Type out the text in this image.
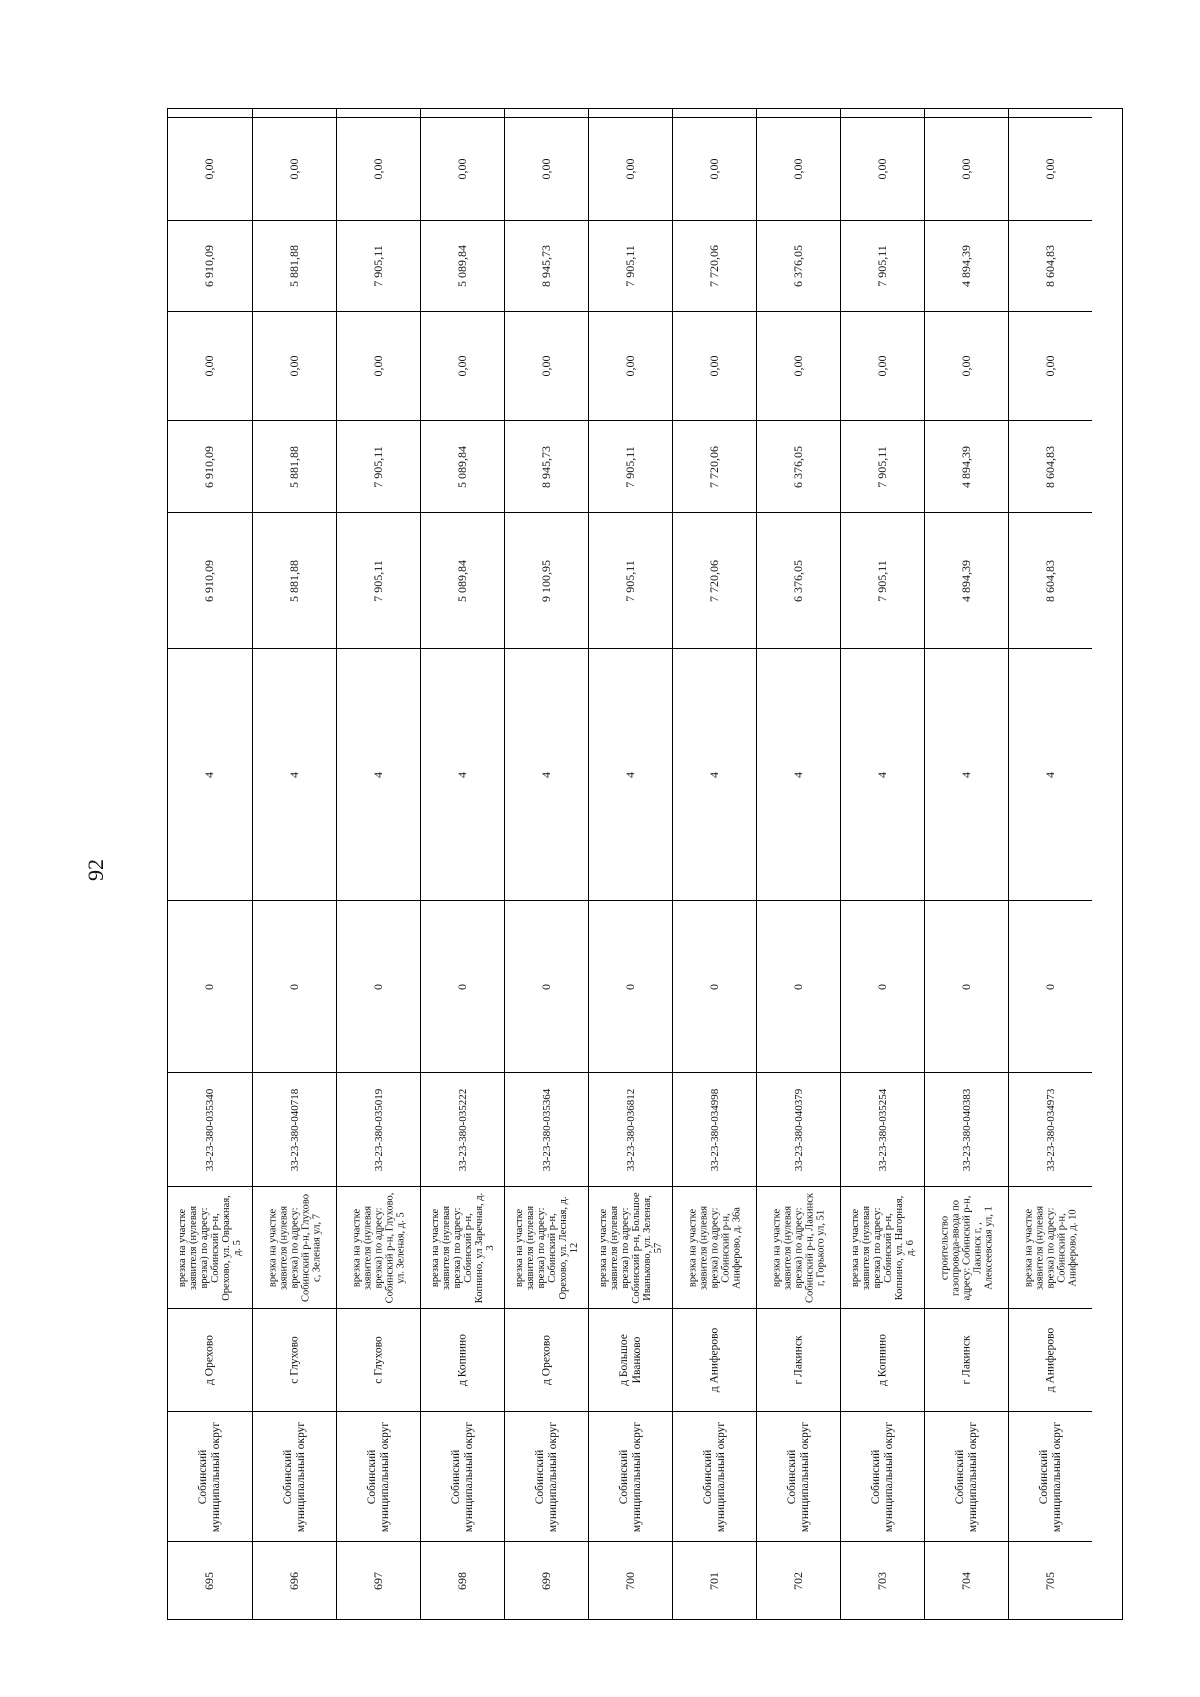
92
695
Собинский муниципальный округ
д Орехово
врезка на участке заявителя (нулевая врезка) по адресу: Собинский р-н, Орехово, ул. Овражная, д. 5
33-23-380-035340
0
4
6 910,09
6 910,09
0,00
6 910,09
0,00
696
Собинский муниципальный округ
с Глухово
врезка на участке заявителя (нулевая врезка) по адресу: Собинский р-н, Глухово с, Зеленая ул, 7
33-23-380-040718
0
4
5 881,88
5 881,88
0,00
5 881,88
0,00
697
Собинский муниципальный округ
с Глухово
врезка на участке заявителя (нулевая врезка) по адресу: Собинский р-н, Глухово, ул. Зеленая, д. 5
33-23-380-035019
0
4
7 905,11
7 905,11
0,00
7 905,11
0,00
698
Собинский муниципальный округ
д Копнино
врезка на участке заявителя (нулевая врезка) по адресу: Собинский р-н, Копнино, ул Заречная, д. 3
33-23-380-035222
0
4
5 089,84
5 089,84
0,00
5 089,84
0,00
699
Собинский муниципальный округ
д Орехово
врезка на участке заявителя (нулевая врезка) по адресу: Собинский р-н, Орехово, ул. Лесная, д. 12
33-23-380-035364
0
4
9 100,95
8 945,73
0,00
8 945,73
0,00
700
Собинский муниципальный округ
д Большое Иванково
врезка на участке заявителя (нулевая врезка) по адресу: Собинский р-н, Большое Иваньково, ул. Зеленая, 57
33-23-380-036812
0
4
7 905,11
7 905,11
0,00
7 905,11
0,00
701
Собинский муниципальный округ
д Аниферово
врезка на участке заявителя (нулевая врезка) по адресу: Собинский р-н, Аниферово, д. 36а
33-23-380-034998
0
4
7 720,06
7 720,06
0,00
7 720,06
0,00
702
Собинский муниципальный округ
г Лакинск
врезка на участке заявителя (нулевая врезка) по адресу: Собинский р-н, Лакинск г, Горького ул, 51
33-23-380-040379
0
4
6 376,05
6 376,05
0,00
6 376,05
0,00
703
Собинский муниципальный округ
д Копнино
врезка на участке заявителя (нулевая врезка) по адресу: Собинский р-н, Копнино, ул. Нагорная, д. 6
33-23-380-035254
0
4
7 905,11
7 905,11
0,00
7 905,11
0,00
704
Собинский муниципальный округ
г Лакинск
строительство газопровода-ввода по адресу: Собинский р-н, Лакинск г, , Алексеевская ул, 1
33-23-380-040383
0
4
4 894,39
4 894,39
0,00
4 894,39
0,00
705
Собинский муниципальный округ
д Аниферово
врезка на участке заявителя (нулевая врезка) по адресу: Собинский р-н, Аниферово, д. 10
33-23-380-034973
0
4
8 604,83
8 604,83
0,00
8 604,83
0,00
